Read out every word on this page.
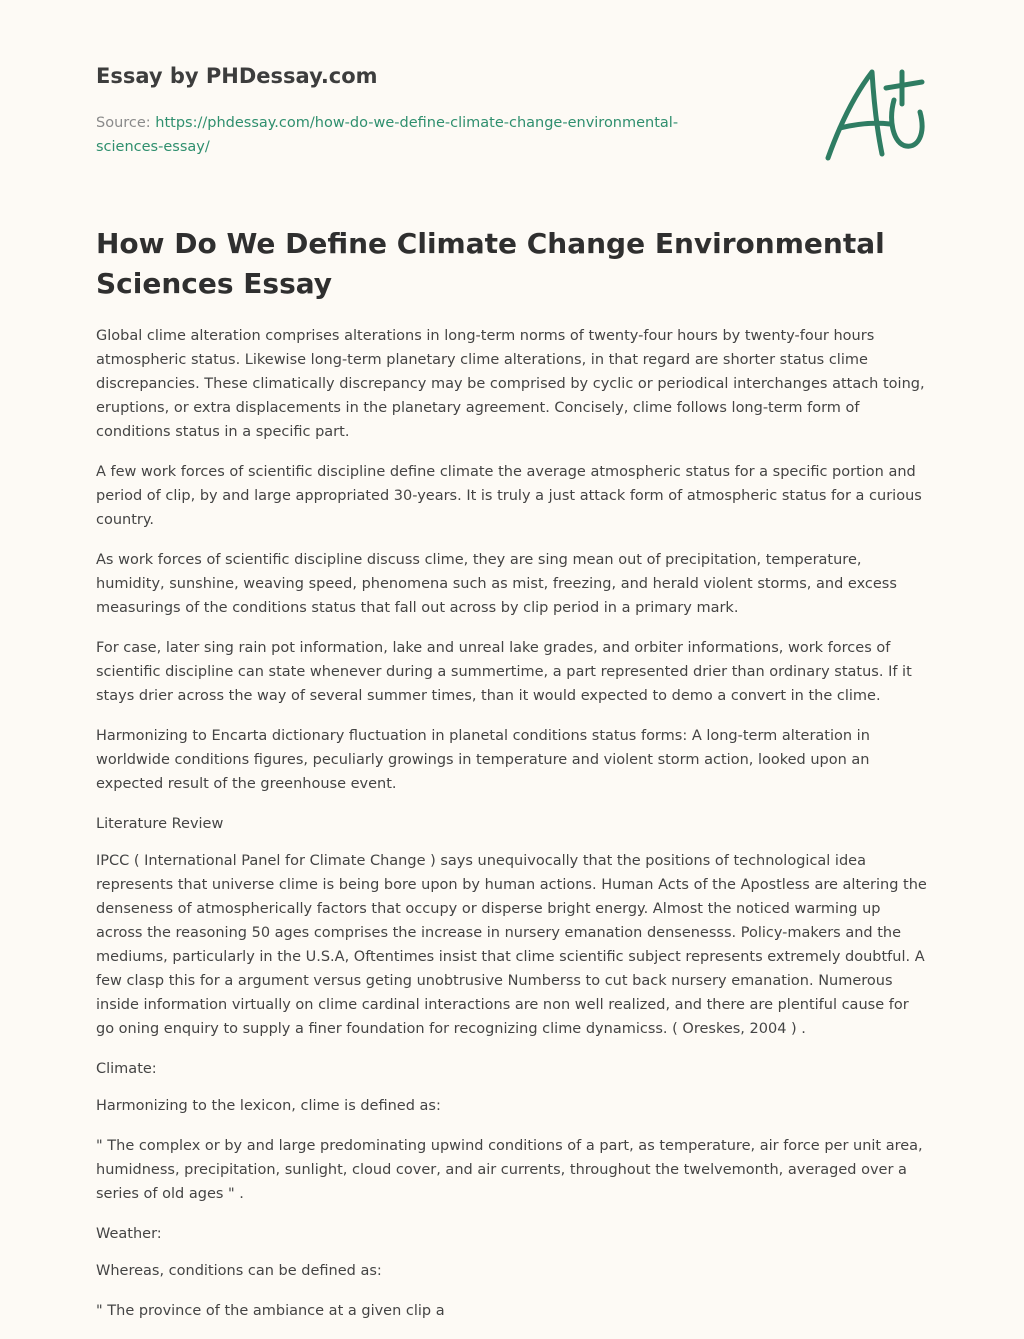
Essay by PHDessay.com
Source: https://phdessay.com/how-do-we-define-climate-change-environmental-sciences-essay/
How Do We Define Climate Change Environmental Sciences Essay

Global clime alteration comprises alterations in long-term norms of twenty-four hours by twenty-four hours atmospheric status. Likewise long-term planetary clime alterations, in that regard are shorter status clime discrepancies. These climatically discrepancy may be comprised by cyclic or periodical interchanges attach toing, eruptions, or extra displacements in the planetary agreement. Concisely, clime follows long-term form of conditions status in a specific part.

A few work forces of scientific discipline define climate the average atmospheric status for a specific portion and period of clip, by and large appropriated 30-years. It is truly a just attack form of atmospheric status for a curious country.

As work forces of scientific discipline discuss clime, they are sing mean out of precipitation, temperature, humidity, sunshine, weaving speed, phenomena such as mist, freezing, and herald violent storms, and excess measurings of the conditions status that fall out across by clip period in a primary mark.

For case, later sing rain pot information, lake and unreal lake grades, and orbiter informations, work forces of scientific discipline can state whenever during a summertime, a part represented drier than ordinary status. If it stays drier across the way of several summer times, than it would expected to demo a convert in the clime.

Harmonizing to Encarta dictionary fluctuation in planetal conditions status forms: A long-term alteration in worldwide conditions figures, peculiarly growings in temperature and violent storm action, looked upon an expected result of the greenhouse event.

Literature Review

IPCC ( International Panel for Climate Change ) says unequivocally that the positions of technological idea represents that universe clime is being bore upon by human actions. Human Acts of the Apostless are altering the denseness of atmospherically factors that occupy or disperse bright energy. Almost the noticed warming up across the reasoning 50 ages comprises the increase in nursery emanation densenesss. Policy-makers and the mediums, particularly in the U.S.A, Oftentimes insist that clime scientific subject represents extremely doubtful. A few clasp this for a argument versus geting unobtrusive Numberss to cut back nursery emanation. Numerous inside information virtually on clime cardinal interactions are non well realized, and there are plentiful cause for go oning enquiry to supply a finer foundation for recognizing clime dynamicss. ( Oreskes, 2004 ) .

Climate:

Harmonizing to the lexicon, clime is defined as:

" The complex or by and large predominating upwind conditions of a part, as temperature, air force per unit area, humidness, precipitation, sunlight, cloud cover, and air currents, throughout the twelvemonth, averaged over a series of old ages " .

Weather:

Whereas, conditions can be defined as:

" The province of the ambiance at a given clip a
